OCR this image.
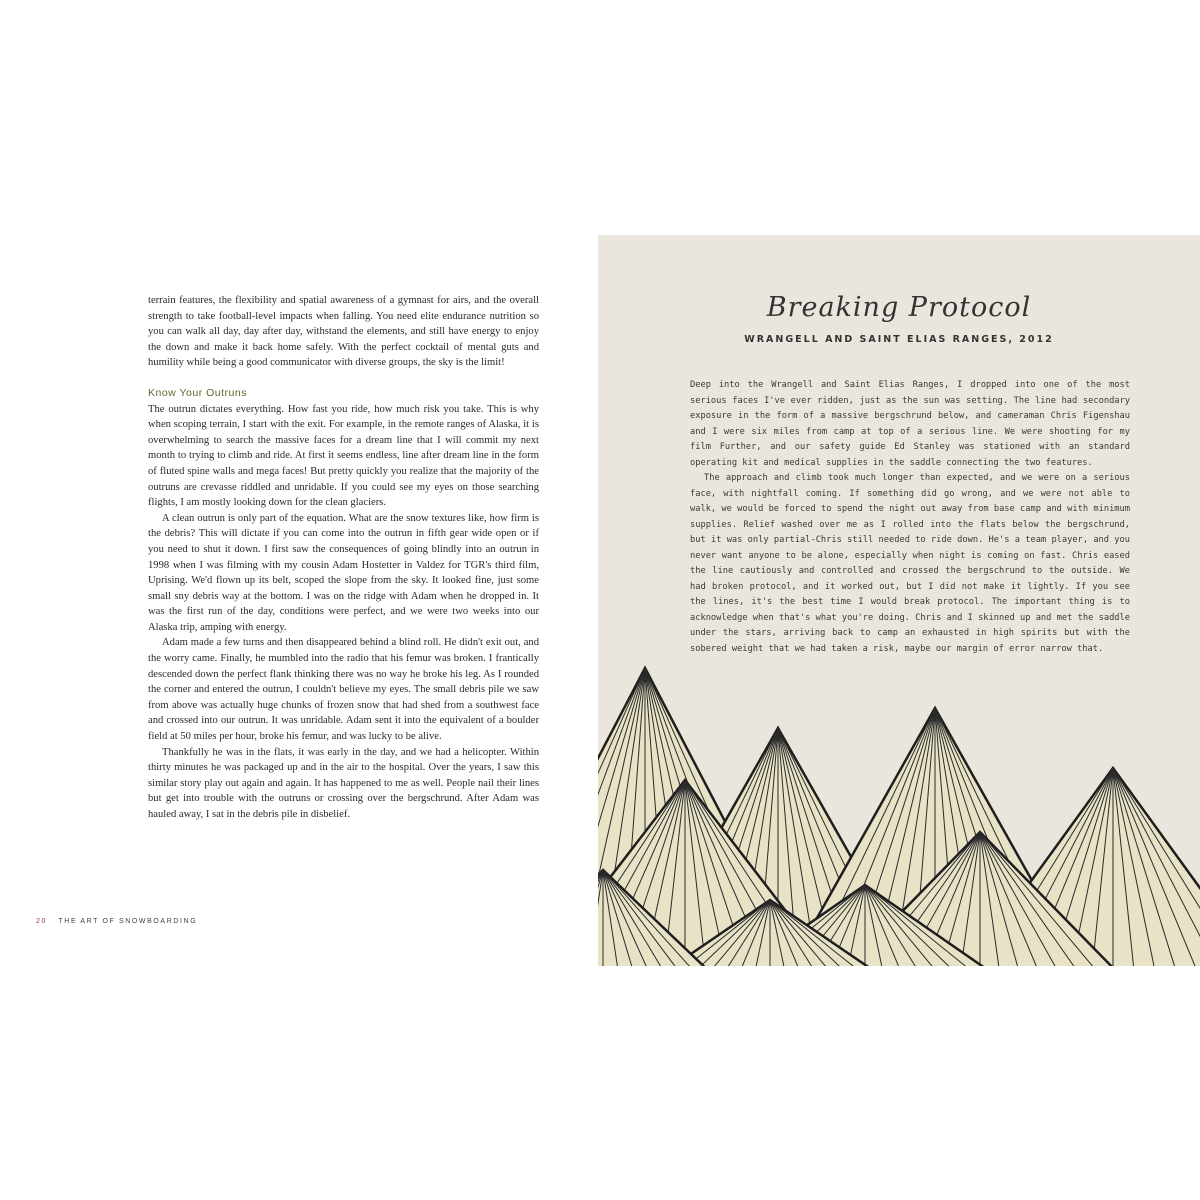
terrain features, the flexibility and spatial awareness of a gymnast for airs, and the overall strength to take football-level impacts when falling. You need elite endurance nutrition so you can walk all day, day after day, withstand the elements, and still have energy to enjoy the down and make it back home safely. With the perfect cocktail of mental guts and humility while being a good communicator with diverse groups, the sky is the limit!

Know Your Outruns

The outrun dictates everything. How fast you ride, how much risk you take. This is why when scoping terrain, I start with the exit. For example, in the remote ranges of Alaska, it is overwhelming to search the massive faces for a dream line that I will commit my next month to trying to climb and ride. At first it seems endless, line after dream line in the form of fluted spine walls and mega faces! But pretty quickly you realize that the majority of the outruns are crevasse riddled and unridable. If you could see my eyes on those searching flights, I am mostly looking down for the clean glaciers.

A clean outrun is only part of the equation. What are the snow textures like, how firm is the debris? This will dictate if you can come into the outrun in fifth gear wide open or if you need to shut it down. I first saw the consequences of going blindly into an outrun in 1998 when I was filming with my cousin Adam Hostetter in Valdez for TGR's third film, Uprising. We'd flown up its belt, scoped the slope from the sky. It looked fine, just some small sny debris way at the bottom. I was on the ridge with Adam when he dropped in. It was the first run of the day, conditions were perfect, and we were two weeks into our Alaska trip, amping with energy.

Adam made a few turns and then disappeared behind a blind roll. He didn't exit out, and the worry came. Finally, he mumbled into the radio that his femur was broken. I frantically descended down the perfect flank thinking there was no way he broke his leg. As I rounded the corner and entered the outrun, I couldn't believe my eyes. The small debris pile we saw from above was actually huge chunks of frozen snow that had shed from a southwest face and crossed into our outrun. It was unridable. Adam sent it into the equivalent of a boulder field at 50 miles per hour, broke his femur, and was lucky to be alive.

Thankfully he was in the flats, it was early in the day, and we had a helicopter. Within thirty minutes he was packaged up and in the air to the hospital. Over the years, I saw this similar story play out again and again. It has happened to me as well. People nail their lines but get into trouble with the outruns or crossing over the bergschrund. After Adam was hauled away, I sat in the debris pile in disbelief.

20 THE ART OF SNOWBOARDING
Breaking Protocol
WRANGELL AND SAINT ELIAS RANGES, 2012

Deep into the Wrangell and Saint Elias Ranges, I dropped into one of the most serious faces I've ever ridden, just as the sun was setting. The line had secondary exposure in the form of a massive bergschrund below, and cameraman Chris Figenshau and I were six miles from camp at top of a serious line. We were shooting for my film Further, and our safety guide Ed Stanley was stationed with an standard operating kit and medical supplies in the saddle connecting the two features.

The approach and climb took much longer than expected, and we were on a serious face, with nightfall coming. If something did go wrong, and we were not able to walk, we would be forced to spend the night out away from base camp and with minimum supplies. Relief washed over me as I rolled into the flats below the bergschrund, but it was only partial-Chris still needed to ride down. He's a team player, and you never want anyone to be alone, especially when night is coming on fast. Chris eased the line cautiously and controlled and crossed the bergschrund to the outside. We had broken protocol, and it worked out, but I did not make it lightly. If you see the lines, it's the best time I would break protocol. The important thing is to acknowledge when that's what you're doing. Chris and I skinned up and met the saddle under the stars, arriving back to camp an exhausted in high spirits but with the sobered weight that we had taken a risk, maybe our margin of error narrow that.
